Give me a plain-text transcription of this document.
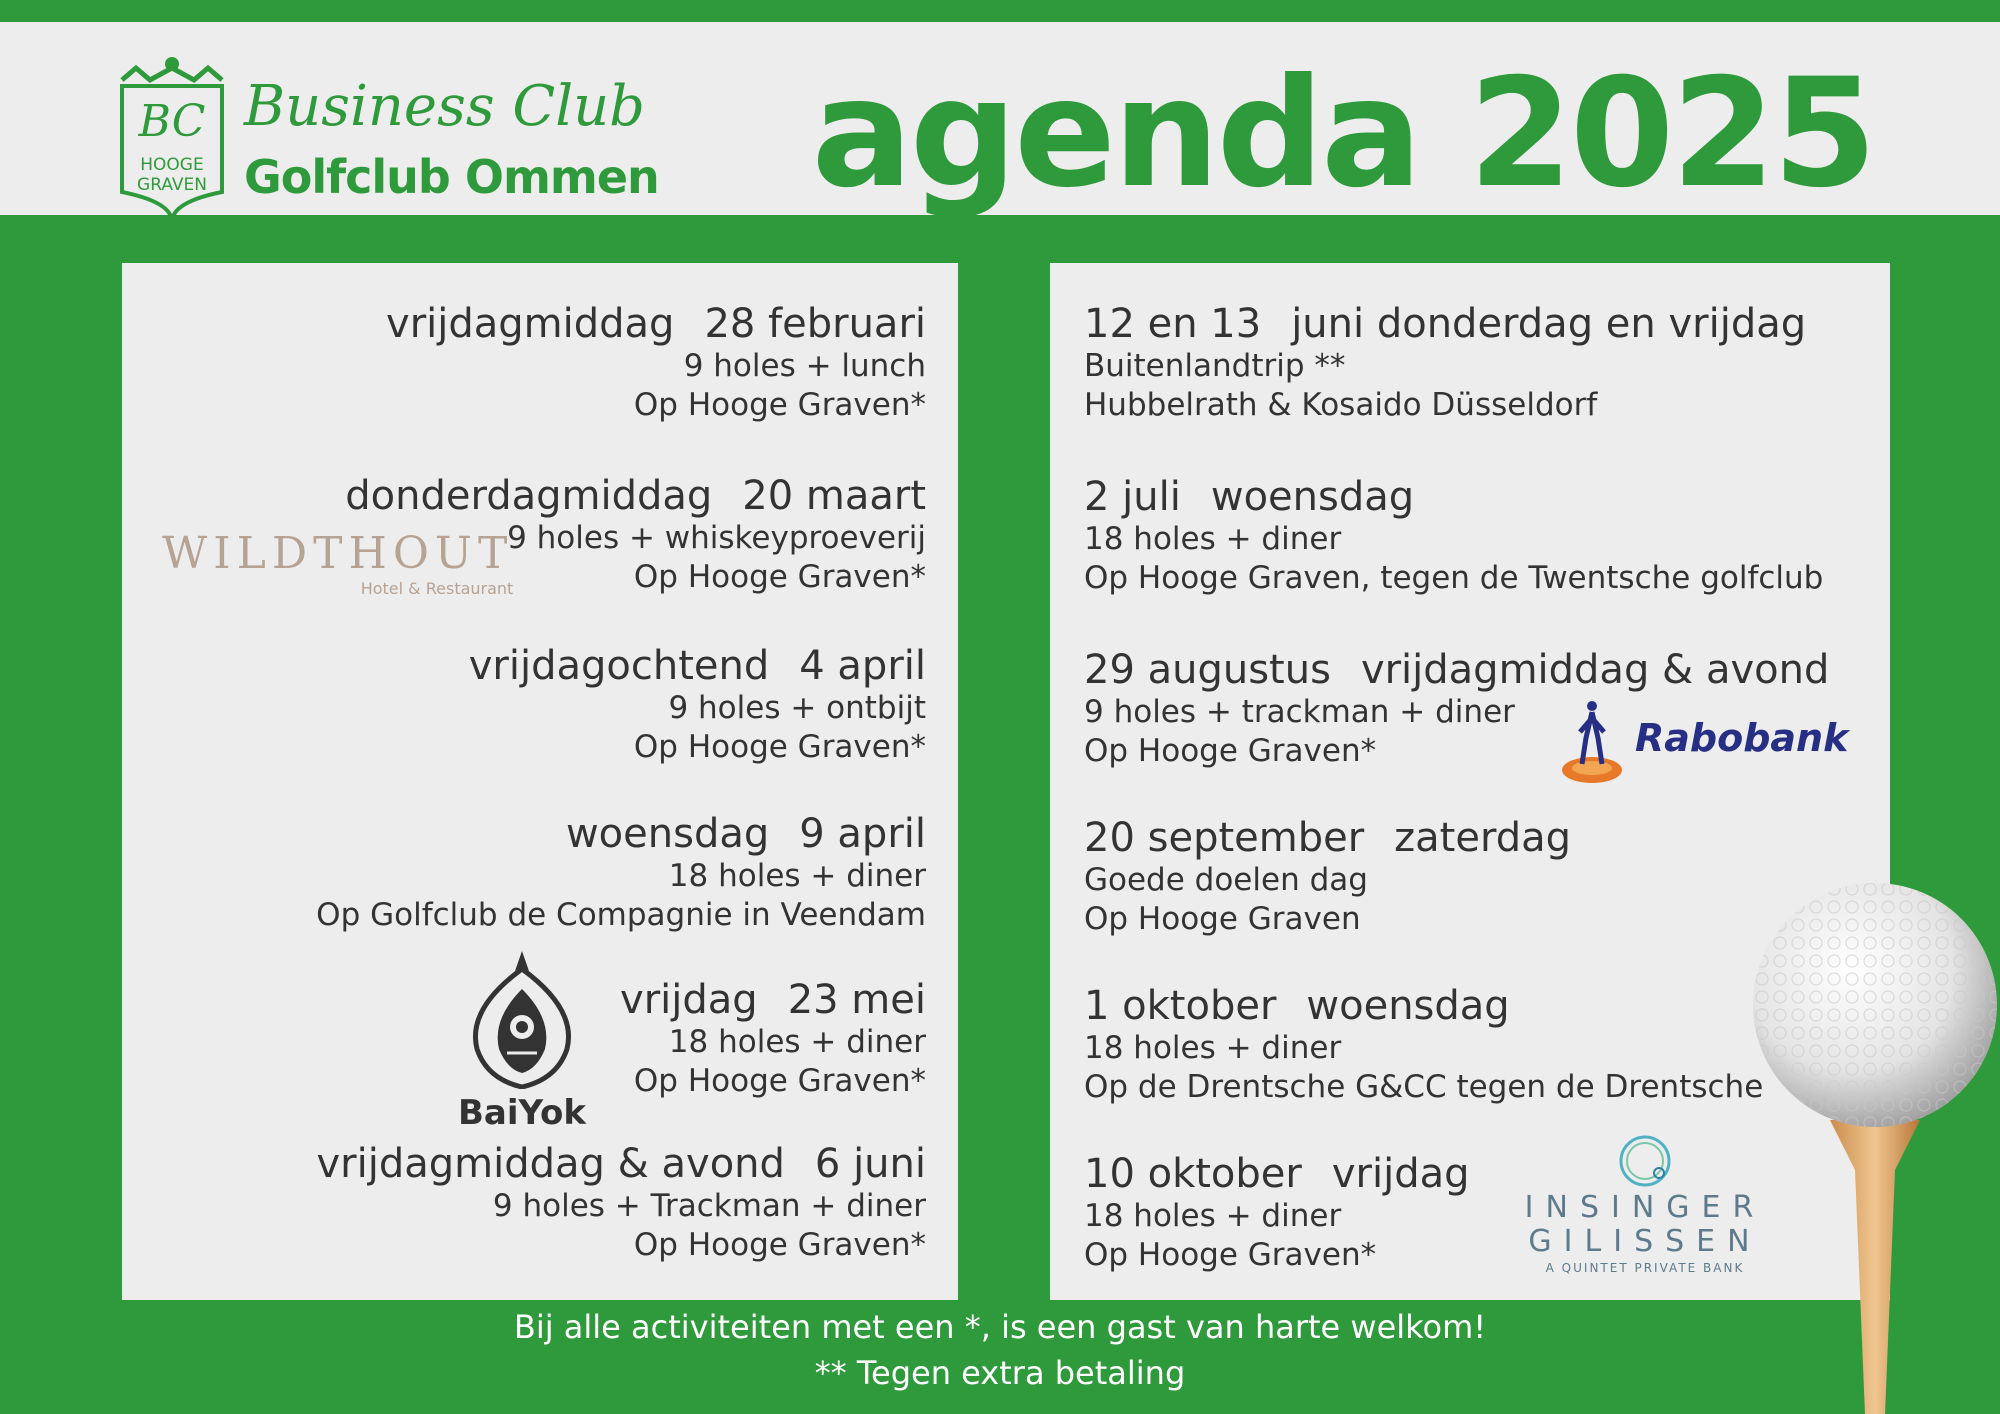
BC
HOOGE
GRAVEN
Business Club
Golfclub Ommen agenda 2025
vrijdagmiddag 28 februari
9 holes + lunch
Op Hooge Graven*
donderdagmiddag 20 maart
9 holes + whiskeyproeverij
Op Hooge Graven*
vrijdagochtend 4 april
9 holes + ontbijt
Op Hooge Graven*
woensdag 9 april
18 holes + diner
Op Golfclub de Compagnie in Veendam
vrijdag 23 mei
18 holes + diner
Op Hooge Graven*
vrijdagmiddag & avond 6 juni
9 holes + Trackman + diner
Op Hooge Graven*
WILDTHOUT
Hotel & Restaurant
BaiYok
12 en 13 juni donderdag en vrijdag
Buitenlandtrip **
Hubbelrath & Kosaido Düsseldorf
2 juli woensdag
18 holes + diner
Op Hooge Graven, tegen de Twentsche golfclub
29 augustus vrijdagmiddag & avond
9 holes + trackman + diner
Op Hooge Graven*
20 september zaterdag
Goede doelen dag
Op Hooge Graven
1 oktober woensdag
18 holes + diner
Op de Drentsche G&CC tegen de Drentsche
10 oktober vrijdag
18 holes + diner
Op Hooge Graven*
Rabobank
INSINGER
GILISSEN
A QUINTET PRIVATE BANK
Bij alle activiteiten met een *, is een gast van harte welkom!
** Tegen extra betaling
